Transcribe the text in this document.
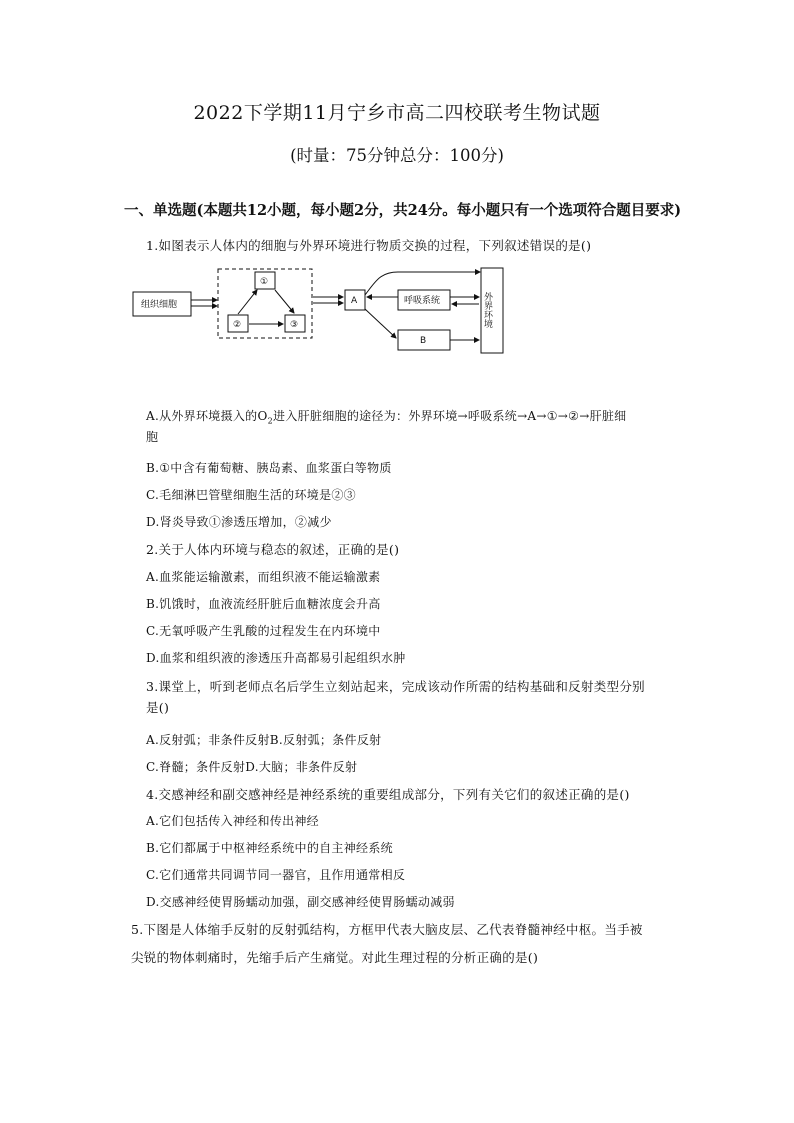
2022下学期11月宁乡市高二四校联考生物试题
(时量：75分钟总分：100分)
一、单选题(本题共12小题，每小题2分，共24分。每小题只有一个选项符合题目要求)
1.如图表示人体内的细胞与外界环境进行物质交换的过程，下列叙述错误的是()
组织细胞
①
②	③
A	呼吸系统
B
外界环境
A.从外界环境摄入的$O_2$进入肝脏细胞的途径为：外界环境→呼吸系统→A→①→②→肝脏细
胞
B.①中含有葡萄糖、胰岛素、血浆蛋白等物质
C.毛细淋巴管壁细胞生活的环境是②③
D.肾炎导致①渗透压增加，②减少
2.关于人体内环境与稳态的叙述，正确的是()
A.血浆能运输激素，而组织液不能运输激素
B.饥饿时，血液流经肝脏后血糖浓度会升高
C.无氧呼吸产生乳酸的过程发生在内环境中
D.血浆和组织液的渗透压升高都易引起组织水肿
3.课堂上，听到老师点名后学生立刻站起来，完成该动作所需的结构基础和反射类型分别
是()
A.反射弧；非条件反射B.反射弧；条件反射
C.脊髓；条件反射D.大脑；非条件反射
4.交感神经和副交感神经是神经系统的重要组成部分，下列有关它们的叙述正确的是()
A.它们包括传入神经和传出神经
B.它们都属于中枢神经系统中的自主神经系统
C.它们通常共同调节同一器官，且作用通常相反
D.交感神经使胃肠蠕动加强，副交感神经使胃肠蠕动减弱
5.下图是人体缩手反射的反射弧结构，方框甲代表大脑皮层、乙代表脊髓神经中枢。当手被
尖锐的物体刺痛时，先缩手后产生痛觉。对此生理过程的分析正确的是()
